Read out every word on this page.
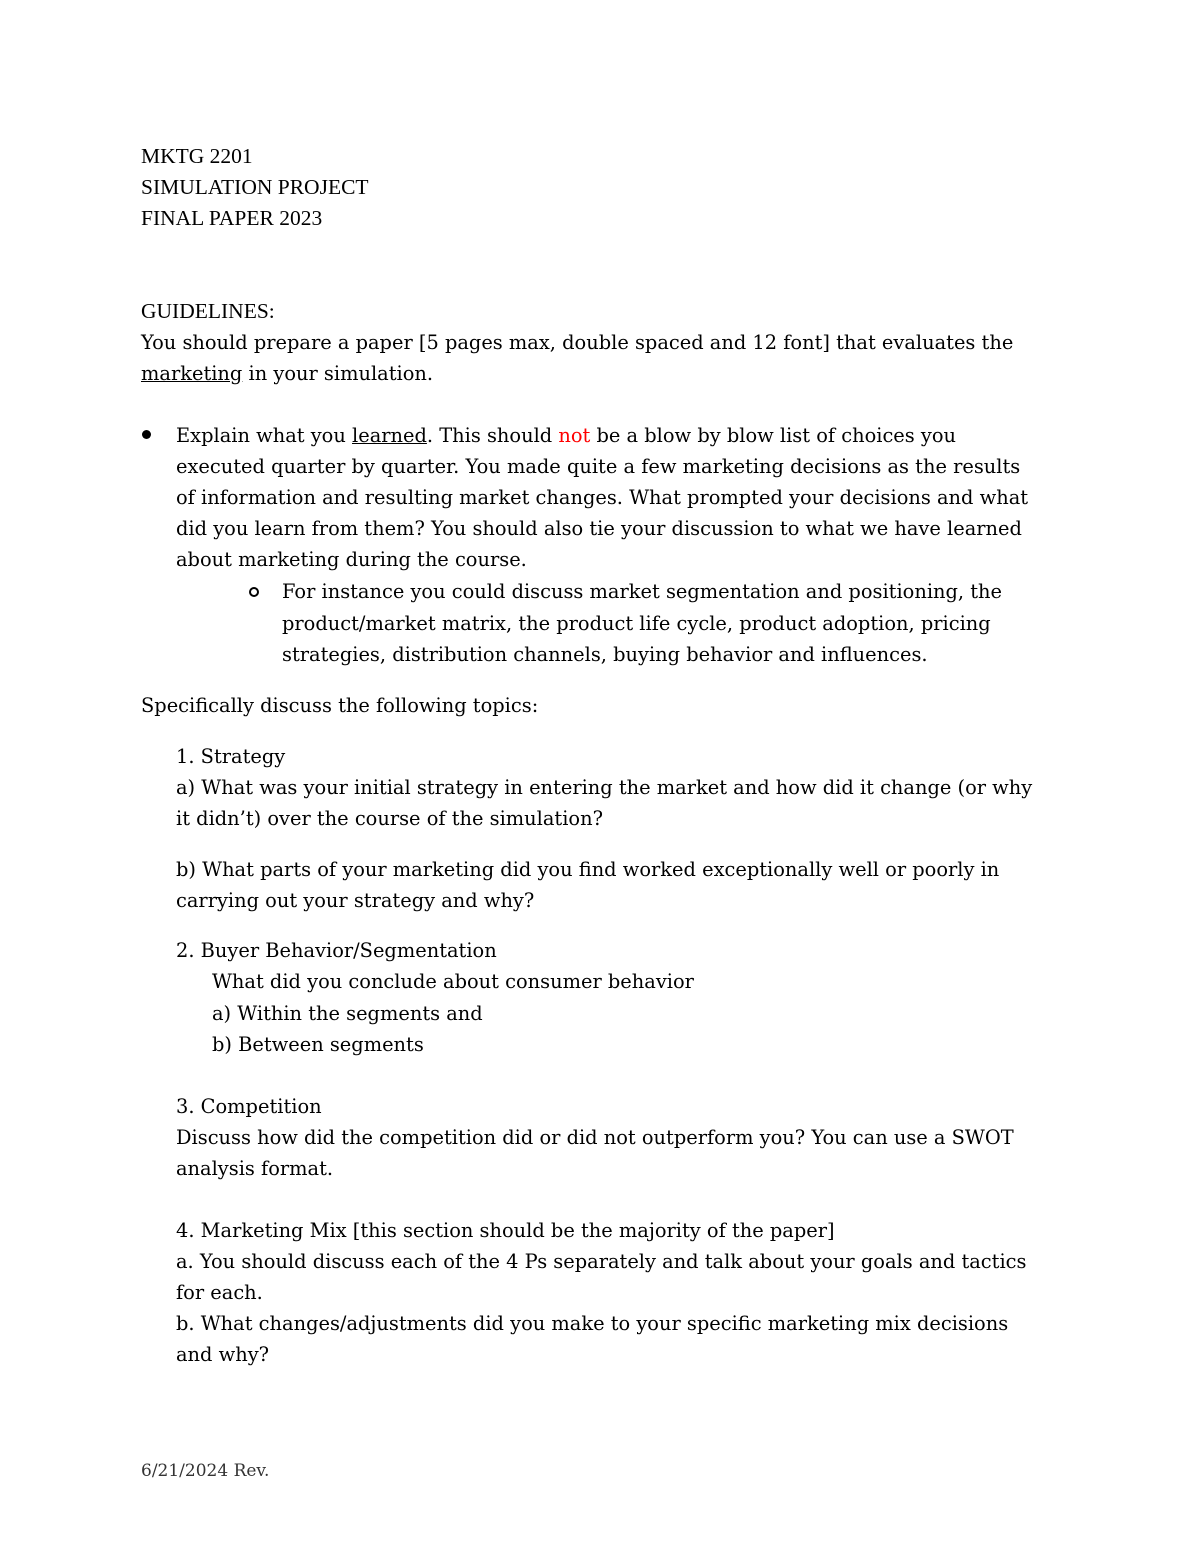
MKTG 2201
SIMULATION PROJECT
FINAL PAPER 2023
GUIDELINES:
You should prepare a paper [5 pages max, double spaced and 12 font] that evaluates the
marketing in your simulation.
Explain what you learned. This should not be a blow by blow list of choices you
executed quarter by quarter. You made quite a few marketing decisions as the results
of information and resulting market changes. What prompted your decisions and what
did you learn from them? You should also tie your discussion to what we have learned
about marketing during the course.
For instance you could discuss market segmentation and positioning, the
product/market matrix, the product life cycle, product adoption, pricing
strategies, distribution channels, buying behavior and influences.
Specifically discuss the following topics:
1. Strategy
a) What was your initial strategy in entering the market and how did it change (or why
it didn’t) over the course of the simulation?
b) What parts of your marketing did you find worked exceptionally well or poorly in
carrying out your strategy and why?
2. Buyer Behavior/Segmentation
What did you conclude about consumer behavior
a) Within the segments and
b) Between segments
3. Competition
Discuss how did the competition did or did not outperform you? You can use a SWOT
analysis format.
4. Marketing Mix [this section should be the majority of the paper]
a. You should discuss each of the 4 Ps separately and talk about your goals and tactics
for each.
b. What changes/adjustments did you make to your specific marketing mix decisions
and why?
6/21/2024 Rev.
